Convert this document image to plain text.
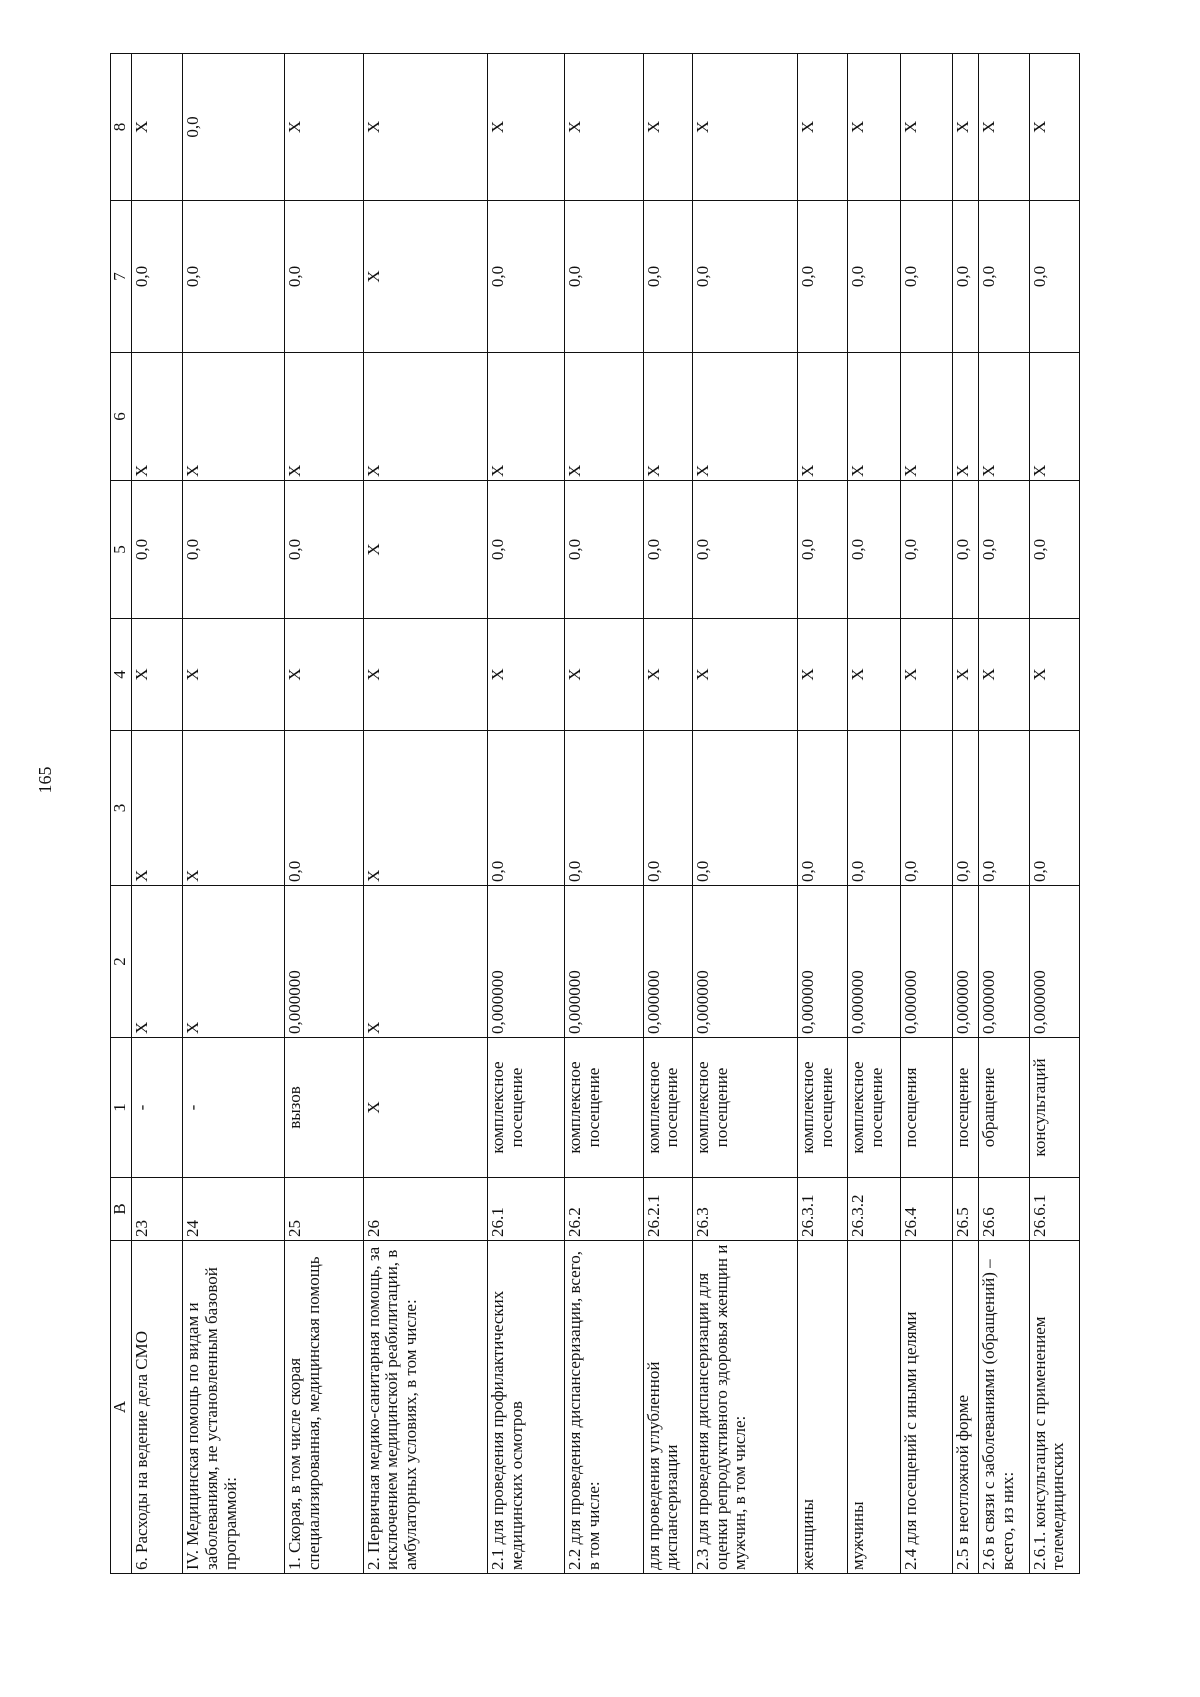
165
А	В	1	2	3	4	5	6	7	8
6. Расходы на ведение дела СМО	23	-	Х	Х	Х	0,0	Х	0,0	Х
IV. Медицинская помощь по видам и заболеваниям, не установленным базовой программой:	24	-	Х	Х	Х	0,0	Х	0,0	0,0
1. Скорая, в том числе скорая специализированная, медицинская помощь	25	вызов	0,000000	0,0	Х	0,0	Х	0,0	Х
2. Первичная медико-санитарная помощь, за исключением медицинской реабилитации, в амбулаторных условиях, в том числе:	26	Х	Х	Х	Х	Х	Х	Х	Х
2.1 для проведения профилактических медицинских осмотров	26.1	комплексное посещение	0,000000	0,0	Х	0,0	Х	0,0	Х
2.2 для проведения диспансеризации, всего, в том числе:	26.2	комплексное посещение	0,000000	0,0	Х	0,0	Х	0,0	Х
для проведения углубленной диспансеризации	26.2.1	комплексное посещение	0,000000	0,0	Х	0,0	Х	0,0	Х
2.3 для проведения диспансеризации для оценки репродуктивного здоровья женщин и мужчин, в том числе:	26.3	комплексное посещение	0,000000	0,0	Х	0,0	Х	0,0	Х
женщины	26.3.1	комплексное посещение	0,000000	0,0	Х	0,0	Х	0,0	Х
мужчины	26.3.2	комплексное посещение	0,000000	0,0	Х	0,0	Х	0,0	Х
2.4 для посещений с иными целями	26.4	посещения	0,000000	0,0	Х	0,0	Х	0,0	Х
2.5 в неотложной форме	26.5	посещение	0,000000	0,0	Х	0,0	Х	0,0	Х
2.6 в связи с заболеваниями (обращений) – всего, из них:	26.6	обращение	0,000000	0,0	Х	0,0	Х	0,0	Х
2.6.1. консультация с применением телемедицинских	26.6.1	консультаций	0,000000	0,0	Х	0,0	Х	0,0	Х
